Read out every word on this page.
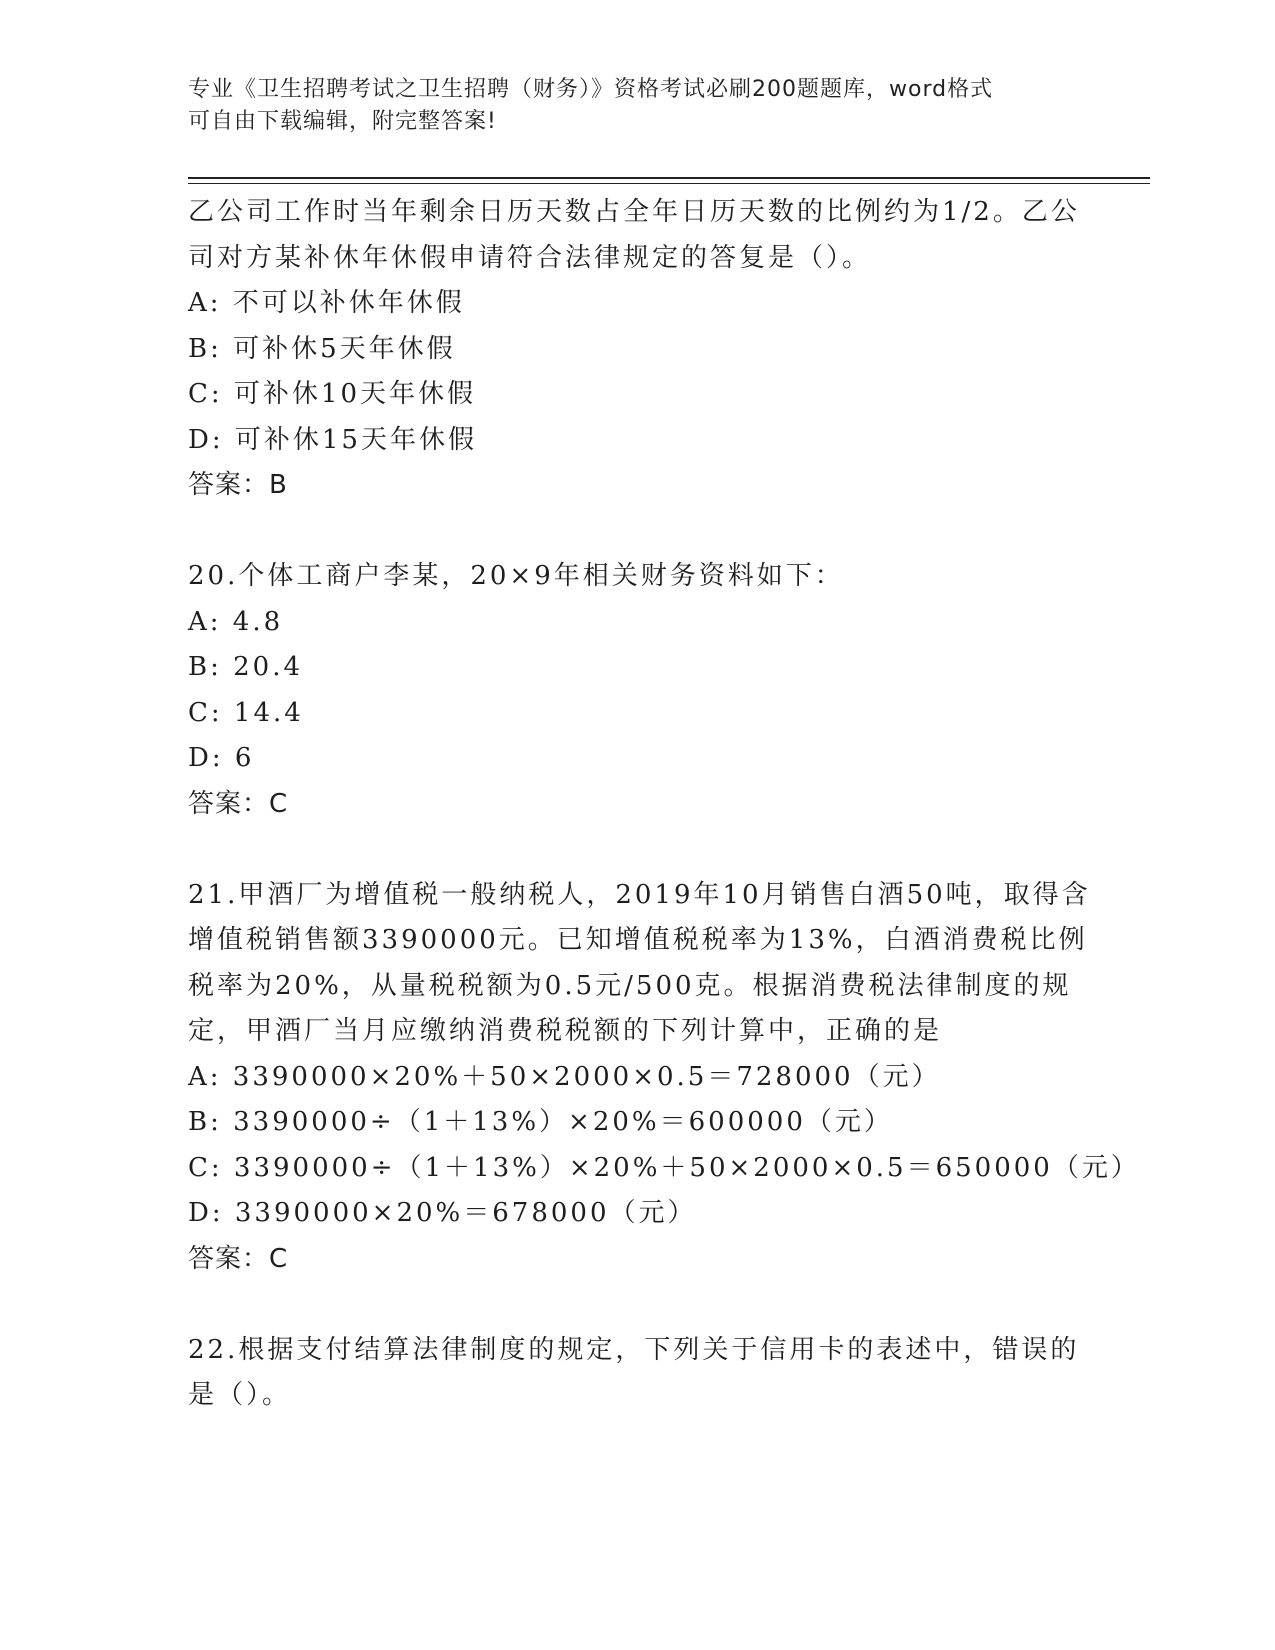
专业《卫生招聘考试之卫生招聘（财务）》资格考试必刷200题题库，word格式
可自由下载编辑，附完整答案!
乙公司工作时当年剩余日历天数占全年日历天数的比例约为1/2。乙公
司对方某补休年休假申请符合法律规定的答复是（）。
A: 不可以补休年休假
B: 可补休5天年休假
C: 可补休10天年休假
D: 可补休15天年休假
答案：B
20.个体工商户李某，20×9年相关财务资料如下：
A: 4.8
B: 20.4
C: 14.4
D: 6
答案：C
21.甲酒厂为增值税一般纳税人，2019年10月销售白酒50吨，取得含
增值税销售额3390000元。已知增值税税率为13%，白酒消费税比例
税率为20%，从量税税额为0.5元/500克。根据消费税法律制度的规
定，甲酒厂当月应缴纳消费税税额的下列计算中，正确的是
A: 3390000×20%＋50×2000×0.5＝728000（元）
B: 3390000÷（1＋13%）×20%＝600000（元）
C: 3390000÷（1＋13%）×20%＋50×2000×0.5＝650000（元）
D: 3390000×20%＝678000（元）
答案：C
22.根据支付结算法律制度的规定，下列关于信用卡的表述中，错误的
是（）。
